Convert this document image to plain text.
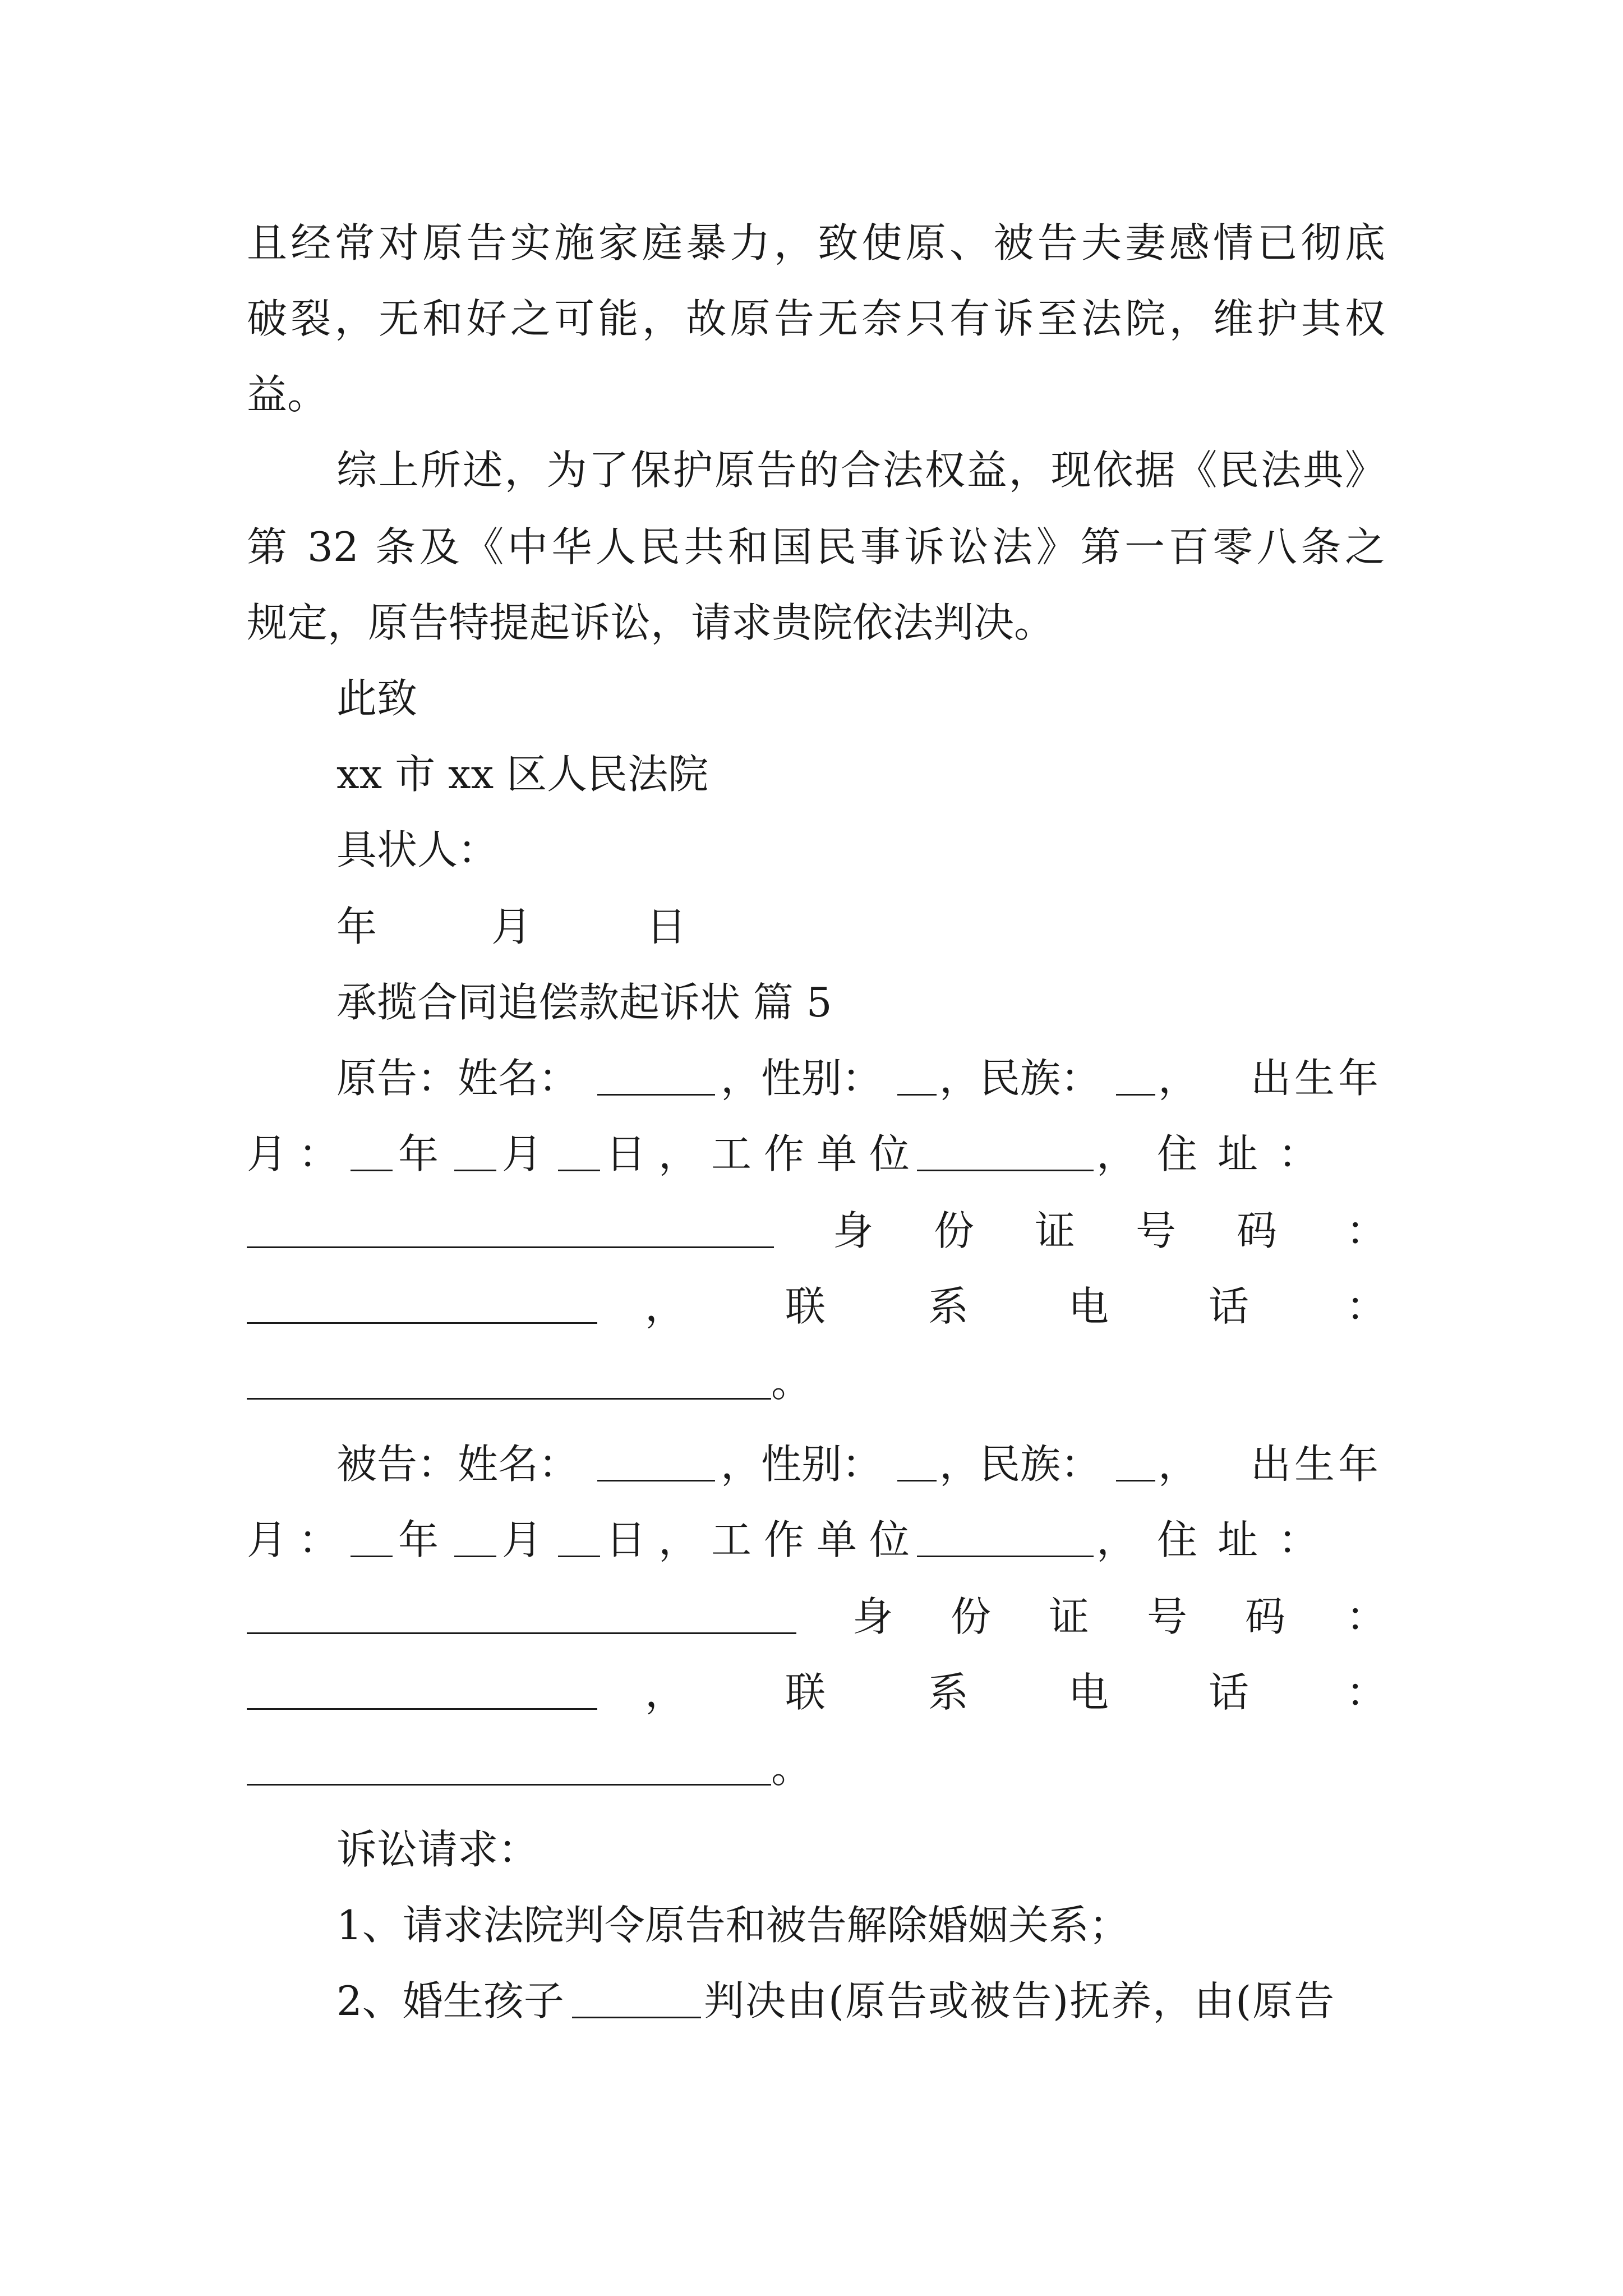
且经常对原告实施家庭暴力，致使原、被告夫妻感情已彻底
破裂，无和好之可能，故原告无奈只有诉至法院，维护其权
益。
综上所述，为了保护原告的合法权益，现依据《民法典》
第 32 条及《中华人民共和国民事诉讼法》第一百零八条之
规定，原告特提起诉讼，请求贵院依法判决。
此致
xx 市 xx 区人民法院
具状人：
年　　月　　日
承揽合同追偿款起诉状 篇 5
原告：姓名：	，性别： ，民族： ， 出生年
月： 年 月 日，工作单位	，住址：
身 份 证 号 码 ：
， 联	系 电 话 ：
。
被告：姓名：	，性别： ，民族： ， 出生年
月： 年 月 日，工作单位	，住址：
身 份 证 号 码 ：
， 联	系 电 话 ：
。
诉讼请求：
1、请求法院判令原告和被告解除婚姻关系；
2、婚生孩子	判决由(原告或被告)抚养，由(原告
